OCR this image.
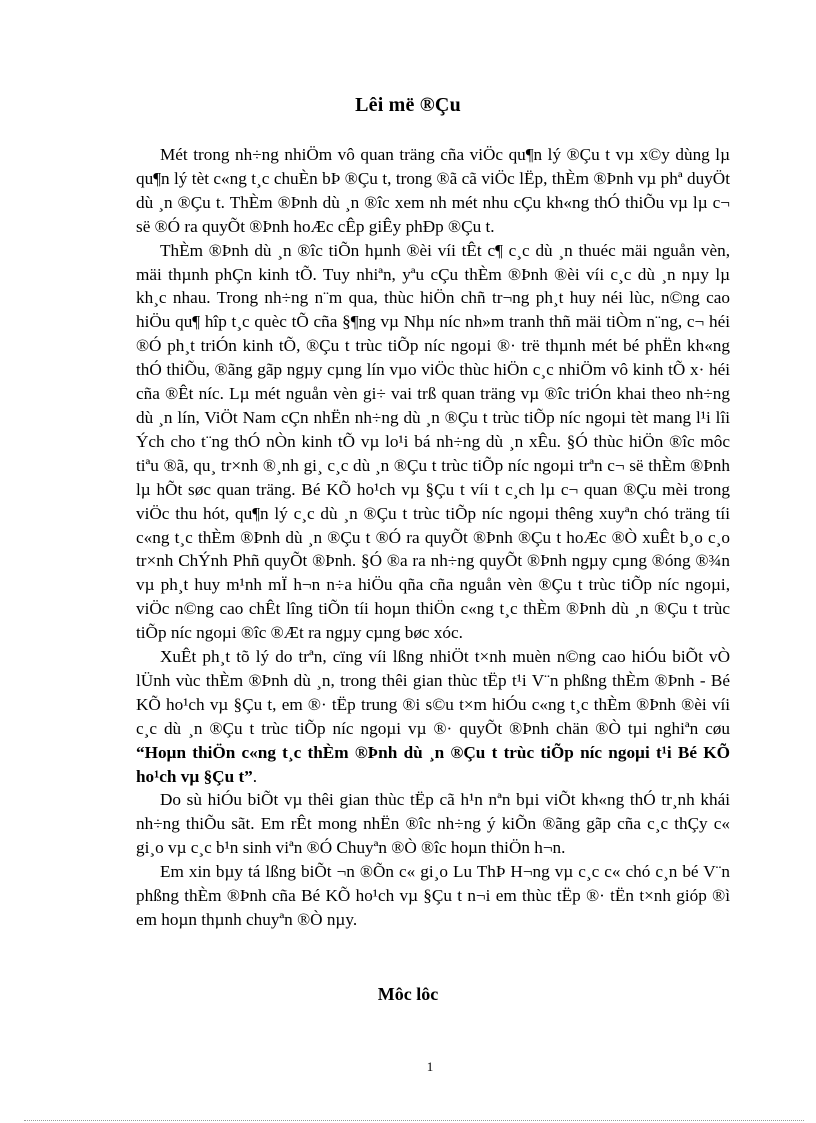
Lêi më ®Çu

Mét trong nh÷ng nhiÖm vô quan träng cña viÖc qu¶n lý ®Çu t vµ x©y dùng lµ qu¶n lý tèt c«ng t¸c chuÈn bÞ ®Çu t, trong ®ã cã viÖc lËp, thÈm ®Þnh vµ phª duyÖt dù ¸n ®Çu t. ThÈm ®Þnh dù ¸n ®îc xem nh mét nhu cÇu kh«ng thÓ thiÕu vµ lµ c¬ së ®Ó ra quyÕt ®Þnh hoÆc cÊp giÊy phÐp ®Çu t.

ThÈm ®Þnh dù ¸n ®îc tiÕn hµnh ®èi víi tÊt c¶ c¸c dù ¸n thuéc mäi nguån vèn, mäi thµnh phÇn kinh tÕ. Tuy nhiªn, yªu cÇu thÈm ®Þnh ®èi víi c¸c dù ¸n nµy lµ kh¸c nhau. Trong nh÷ng n¨m qua, thùc hiÖn chñ tr¬ng ph¸t huy néi lùc, n©ng cao hiÖu qu¶ hîp t¸c quèc tÕ cña §¶ng vµ Nhµ níc nh»m tranh thñ mäi tiÒm n¨ng, c¬ héi ®Ó ph¸t triÓn kinh tÕ, ®Çu t trùc tiÕp níc ngoµi ®· trë thµnh mét bé phËn kh«ng thÓ thiÕu, ®ãng gãp ngµy cµng lín vµo viÖc thùc hiÖn c¸c nhiÖm vô kinh tÕ x· héi cña ®Êt níc. Lµ mét nguån vèn gi÷ vai trß quan träng vµ ®îc triÓn khai theo nh÷ng dù ¸n lín, ViÖt Nam cÇn nhËn nh÷ng dù ¸n ®Çu t trùc tiÕp níc ngoµi tèt mang l¹i lîi Ých cho t¨ng thÓ nÒn kinh tÕ vµ lo¹i bá nh÷ng dù ¸n xÊu. §Ó thùc hiÖn ®îc môc tiªu ®ã, qu¸ tr×nh ®¸nh gi¸ c¸c dù ¸n ®Çu t trùc tiÕp níc ngoµi trªn c¬ së thÈm ®Þnh lµ hÕt søc quan träng. Bé KÕ ho¹ch vµ §Çu t víi t c¸ch lµ c¬ quan ®Çu mèi trong viÖc thu hót, qu¶n lý c¸c dù ¸n ®Çu t trùc tiÕp níc ngoµi thêng xuyªn chó träng tíi c«ng t¸c thÈm ®Þnh dù ¸n ®Çu t ®Ó ra quyÕt ®Þnh ®Çu t hoÆc ®Ò xuÊt b¸o c¸o tr×nh ChÝnh Phñ quyÕt ®Þnh. §Ó ®a ra nh÷ng quyÕt ®Þnh ngµy cµng ®óng ®¾n vµ ph¸t huy m¹nh mÏ h¬n n÷a hiÖu qña cña nguån vèn ®Çu t trùc tiÕp níc ngoµi, viÖc n©ng cao chÊt lîng tiÕn tíi hoµn thiÖn c«ng t¸c thÈm ®Þnh dù ¸n ®Çu t trùc tiÕp níc ngoµi ®îc ®Æt ra ngµy cµng bøc xóc.

XuÊt ph¸t tõ lý do trªn, cïng víi lßng nhiÖt t×nh muèn n©ng cao hiÓu biÕt vÒ lÜnh vùc thÈm ®Þnh dù ¸n, trong thêi gian thùc tËp t¹i V¨n phßng thÈm ®Þnh - Bé KÕ ho¹ch vµ §Çu t, em ®· tËp trung ®i s©u t×m hiÓu c«ng t¸c thÈm ®Þnh ®èi víi c¸c dù ¸n ®Çu t trùc tiÕp níc ngoµi vµ ®· quyÕt ®Þnh chän ®Ò tµi nghiªn cøu “Hoµn thiÖn c«ng t¸c thÈm ®Þnh dù ¸n ®Çu t trùc tiÕp níc ngoµi t¹i Bé KÕ ho¹ch vµ §Çu t”.

Do sù hiÓu biÕt vµ thêi gian thùc tËp cã h¹n nªn bµi viÕt kh«ng thÓ tr¸nh khái nh÷ng thiÕu sãt. Em rÊt mong nhËn ®îc nh÷ng ý kiÕn ®ãng gãp cña c¸c thÇy c« gi¸o vµ c¸c b¹n sinh viªn ®Ó Chuyªn ®Ò ®îc hoµn thiÖn h¬n.

Em xin bµy tá lßng biÕt ¬n ®Õn c« gi¸o Lu ThÞ H¬ng vµ c¸c c« chó c¸n bé V¨n phßng thÈm ®Þnh cña Bé KÕ ho¹ch vµ §Çu t n¬i em thùc tËp ®· tËn t×nh gióp ®ì em hoµn thµnh chuyªn ®Ò nµy.

Môc lôc
1
